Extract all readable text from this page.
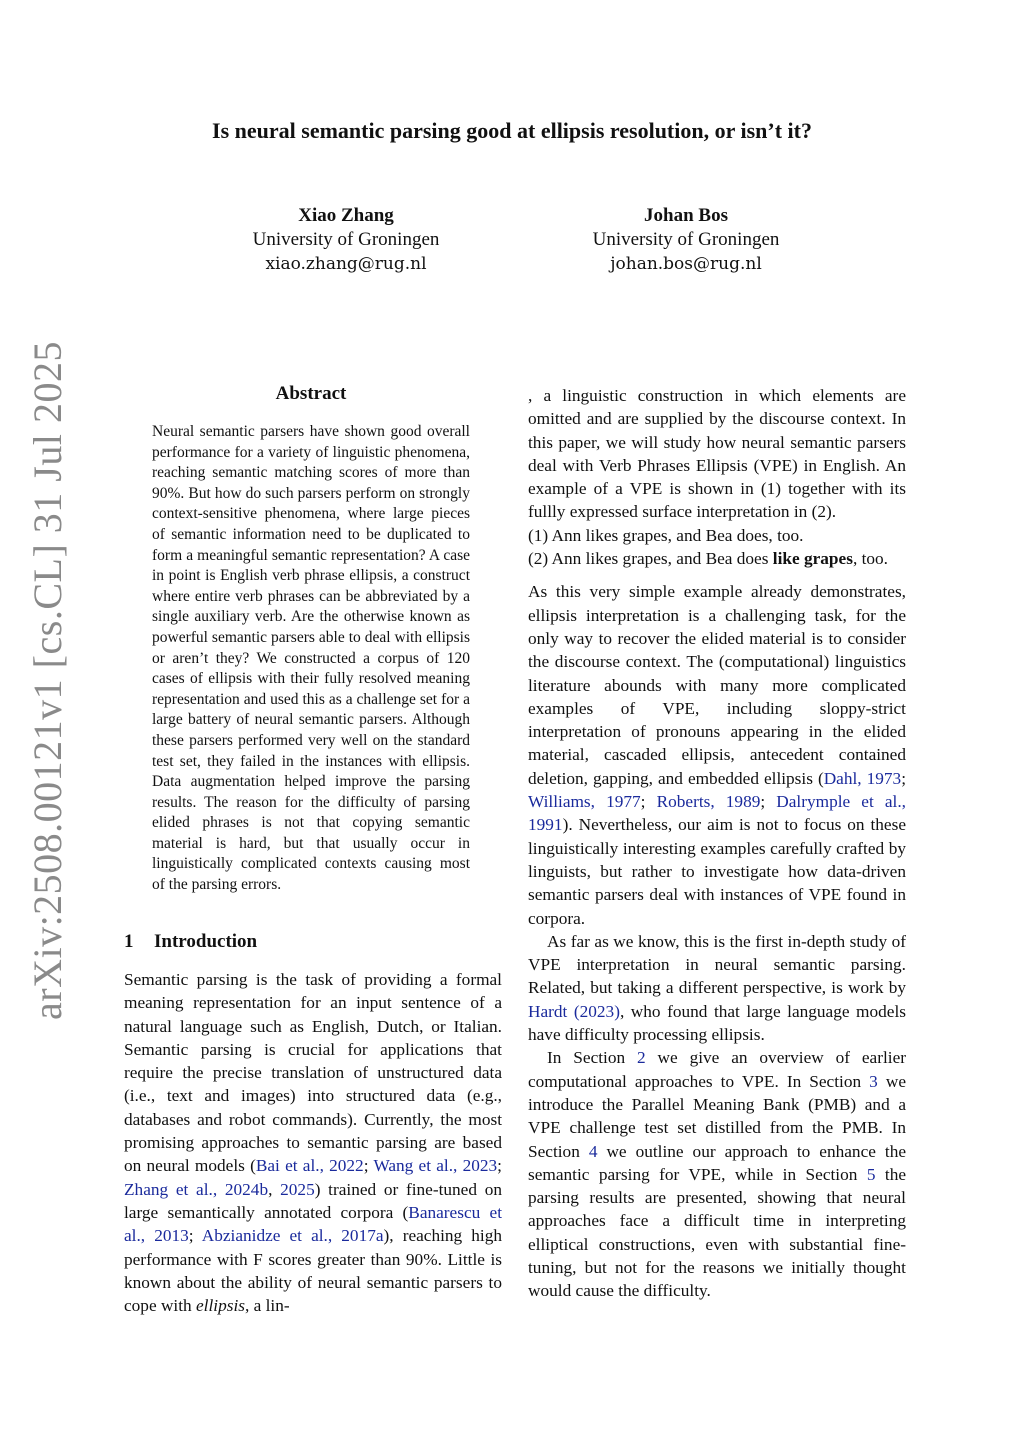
arXiv:2508.00121v1 [cs.CL] 31 Jul 2025
Is neural semantic parsing good at ellipsis resolution, or isn’t it?
Xiao Zhang
University of Groningen
xiao.zhang@rug.nl
Johan Bos
University of Groningen
johan.bos@rug.nl
Abstract

Neural semantic parsers have shown good overall performance for a variety of linguistic phenomena, reaching semantic matching scores of more than 90%. But how do such parsers perform on strongly context-sensitive phenomena, where large pieces of semantic information need to be duplicated to form a meaningful semantic representation? A case in point is English verb phrase ellipsis, a construct where entire verb phrases can be abbreviated by a single auxiliary verb. Are the otherwise known as powerful semantic parsers able to deal with ellipsis or aren’t they? We constructed a corpus of 120 cases of ellipsis with their fully resolved meaning representation and used this as a challenge set for a large battery of neural semantic parsers. Although these parsers performed very well on the standard test set, they failed in the instances with ellipsis. Data augmentation helped improve the parsing results. The reason for the difficulty of parsing elided phrases is not that copying semantic material is hard, but that usually occur in linguistically complicated contexts causing most of the parsing errors.

1 Introduction

Semantic parsing is the task of providing a formal meaning representation for an input sentence of a natural language such as English, Dutch, or Italian. Semantic parsing is crucial for applications that require the precise translation of unstructured data (i.e., text and images) into structured data (e.g., databases and robot commands). Currently, the most promising approaches to semantic parsing are based on neural models (Bai et al., 2022; Wang et al., 2023; Zhang et al., 2024b, 2025) trained or fine-tuned on large semantically annotated corpora (Banarescu et al., 2013; Abzianidze et al., 2017a), reaching high performance with F scores greater than 90%. Little is known about the ability of neural semantic parsers to cope with ellipsis, a lin-

, a linguistic construction in which elements are omitted and are supplied by the discourse context. In this paper, we will study how neural semantic parsers deal with Verb Phrases Ellipsis (VPE) in English. An example of a VPE is shown in (1) together with its fullly expressed surface interpretation in (2).

(1) Ann likes grapes, and Bea does, too.

(2) Ann likes grapes, and Bea does like grapes, too.

As this very simple example already demonstrates, ellipsis interpretation is a challenging task, for the only way to recover the elided material is to consider the discourse context. The (computational) linguistics literature abounds with many more complicated examples of VPE, including sloppy-strict interpretation of pronouns appearing in the elided material, cascaded ellipsis, antecedent contained deletion, gapping, and embedded ellipsis (Dahl, 1973; Williams, 1977; Roberts, 1989; Dalrymple et al., 1991). Nevertheless, our aim is not to focus on these linguistically interesting examples carefully crafted by linguists, but rather to investigate how data-driven semantic parsers deal with instances of VPE found in corpora.

As far as we know, this is the first in-depth study of VPE interpretation in neural semantic parsing. Related, but taking a different perspective, is work by Hardt (2023), who found that large language models have difficulty processing ellipsis.

In Section 2 we give an overview of earlier computational approaches to VPE. In Section 3 we introduce the Parallel Meaning Bank (PMB) and a VPE challenge test set distilled from the PMB. In Section 4 we outline our approach to enhance the semantic parsing for VPE, while in Section 5 the parsing results are presented, showing that neural approaches face a difficult time in interpreting elliptical constructions, even with substantial fine-tuning, but not for the reasons we initially thought would cause the difficulty.
